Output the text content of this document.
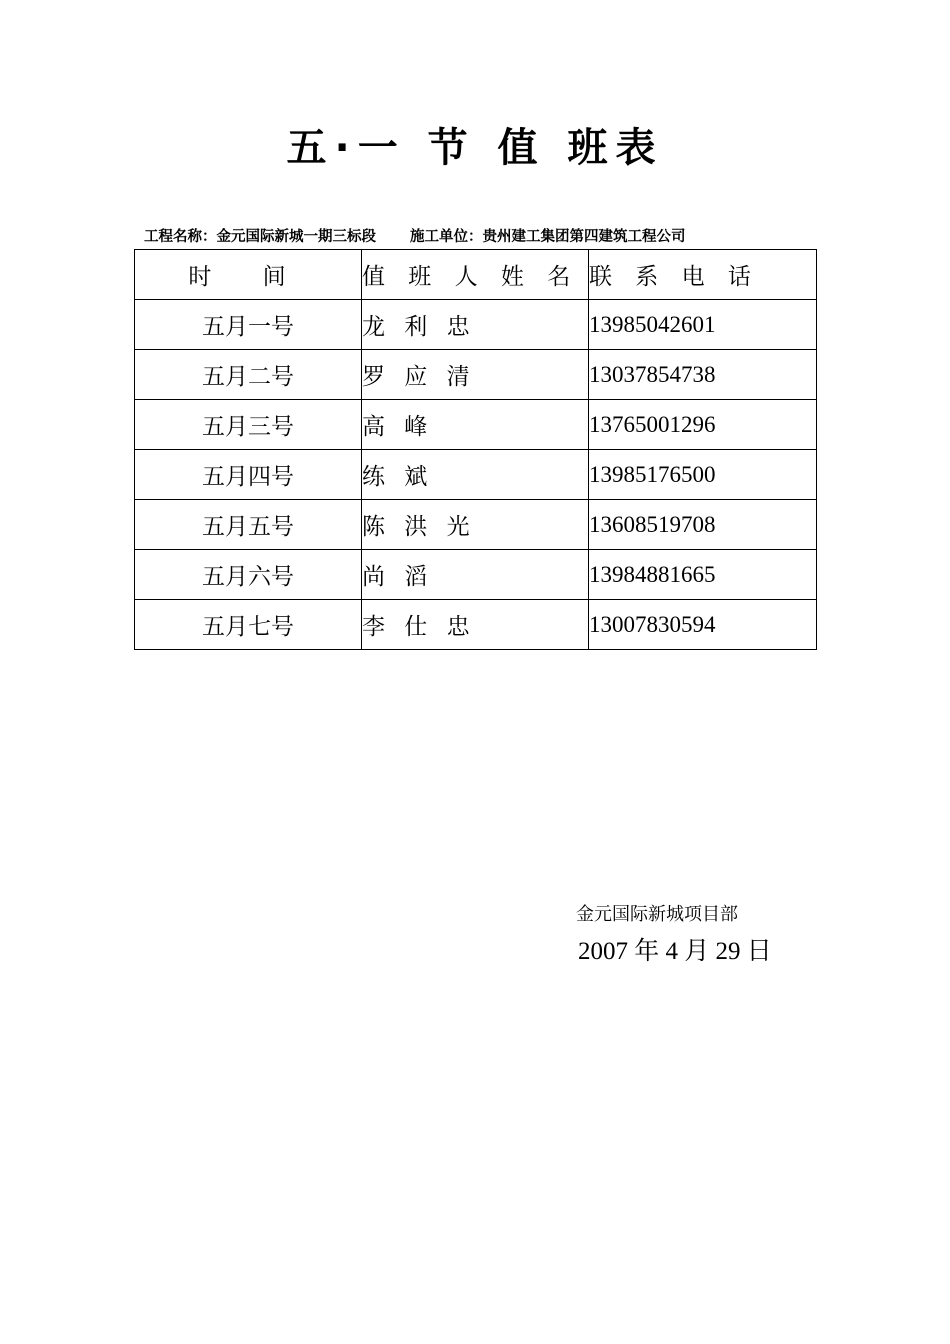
五·一 节 值 班表
工程名称：金元国际新城一期三标段 施工单位：贵州建工集团第四建筑工程公司
时 间	值 班 人 姓 名	联 系 电 话
五月一号	龙 利 忠	13985042601
五月二号	罗 应 清	13037854738
五月三号	高 峰	13765001296
五月四号	练 斌	13985176500
五月五号	陈 洪 光	13608519708
五月六号	尚 滔	13984881665
五月七号	李 仕 忠	13007830594
金元国际新城项目部
2007 年 4 月 29 日
